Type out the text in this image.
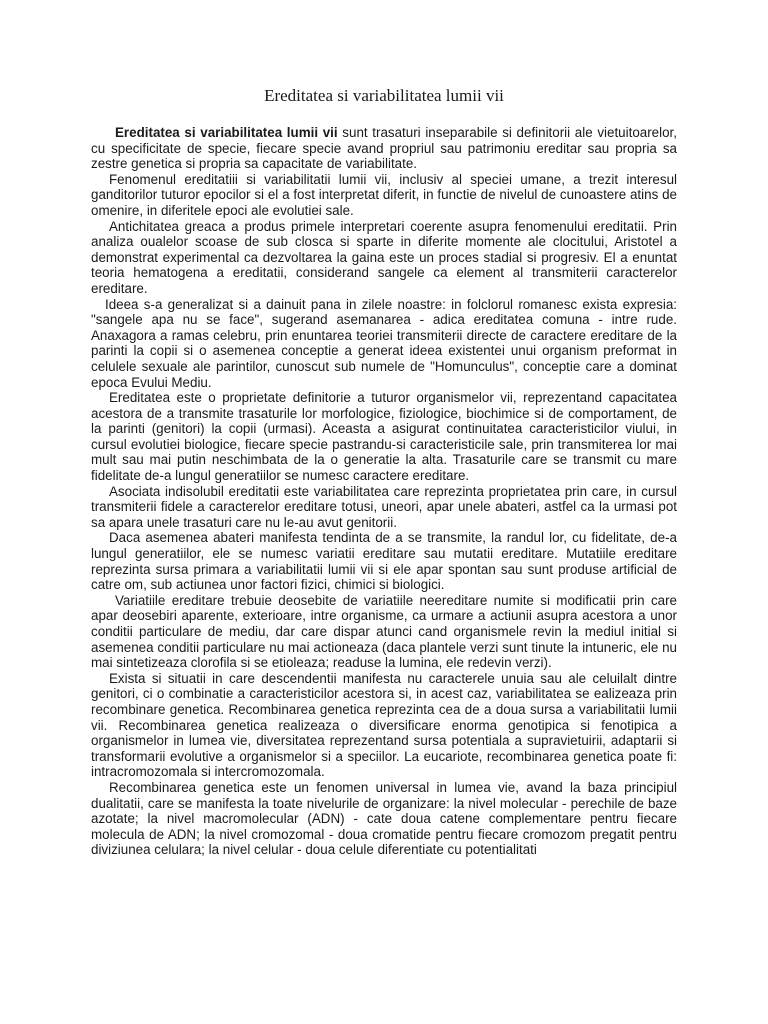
Ereditatea si variabilitatea lumii vii

Ereditatea si variabilitatea lumii vii sunt trasaturi inseparabile si definitorii ale vietuitoarelor, cu specificitate de specie, fiecare specie avand propriul sau patrimoniu ereditar sau propria sa zestre genetica si propria sa capacitate de variabilitate.

Fenomenul ereditatiii si variabilitatii lumii vii, inclusiv al speciei umane, a trezit interesul ganditorilor tuturor epocilor si el a fost interpretat diferit, in functie de nivelul de cunoastere atins de omenire, in diferitele epoci ale evolutiei sale.

Antichitatea greaca a produs primele interpretari coerente asupra fenomenului ereditatii. Prin analiza oualelor scoase de sub closca si sparte in diferite momente ale clocitului, Aristotel a demonstrat experimental ca dezvoltarea la gaina este un proces stadial si progresiv. El a enuntat teoria hematogena a ereditatii, considerand sangele ca element al transmiterii caracterelor ereditare.

Ideea s-a generalizat si a dainuit pana in zilele noastre: in folclorul romanesc exista expresia: "sangele apa nu se face", sugerand asemanarea - adica ereditatea comuna - intre rude. Anaxagora a ramas celebru, prin enuntarea teoriei transmiterii directe de caractere ereditare de la parinti la copii si o asemenea conceptie a generat ideea existentei unui organism preformat in celulele sexuale ale parintilor, cunoscut sub numele de "Homunculus", conceptie care a dominat epoca Evului Mediu.

Ereditatea este o proprietate definitorie a tuturor organismelor vii, reprezentand capacitatea acestora de a transmite trasaturile lor morfologice, fiziologice, biochimice si de comportament, de la parinti (genitori) la copii (urmasi). Aceasta a asigurat continuitatea caracteristicilor viului, in cursul evolutiei biologice, fiecare specie pastrandu-si caracteristicile sale, prin transmiterea lor mai mult sau mai putin neschimbata de la o generatie la alta. Trasaturile care se transmit cu mare fidelitate de-a lungul generatiilor se numesc caractere ereditare.

Asociata indisolubil ereditatii este variabilitatea care reprezinta proprietatea prin care, in cursul transmiterii fidele a caracterelor ereditare totusi, uneori, apar unele abateri, astfel ca la urmasi pot sa apara unele trasaturi care nu le-au avut genitorii.

Daca asemenea abateri manifesta tendinta de a se transmite, la randul lor, cu fidelitate, de-a lungul generatiilor, ele se numesc variatii ereditare sau mutatii ereditare. Mutatiile ereditare reprezinta sursa primara a variabilitatii lumii vii si ele apar spontan sau sunt produse artificial de catre om, sub actiunea unor factori fizici, chimici si biologici.

Variatiile ereditare trebuie deosebite de variatiile neereditare numite si modificatii prin care apar deosebiri aparente, exterioare, intre organisme, ca urmare a actiunii asupra acestora a unor conditii particulare de mediu, dar care dispar atunci cand organismele revin la mediul initial si asemenea conditii particulare nu mai actioneaza (daca plantele verzi sunt tinute la intuneric, ele nu mai sintetizeaza clorofila si se etioleaza; readuse la lumina, ele redevin verzi).

Exista si situatii in care descendentii manifesta nu caracterele unuia sau ale celuilalt dintre genitori, ci o combinatie a caracteristicilor acestora si, in acest caz, variabilitatea se ealizeaza prin recombinare genetica. Recombinarea genetica reprezinta cea de a doua sursa a variabilitatii lumii vii. Recombinarea genetica realizeaza o diversificare enorma genotipica si fenotipica a organismelor in lumea vie, diversitatea reprezentand sursa potentiala a supravietuirii, adaptarii si transformarii evolutive a organismelor si a speciilor. La eucariote, recombinarea genetica poate fi: intracromozomala si intercromozomala.

Recombinarea genetica este un fenomen universal in lumea vie, avand la baza principiul dualitatii, care se manifesta la toate nivelurile de organizare: la nivel molecular - perechile de baze azotate; la nivel macromolecular (ADN) - cate doua catene complementare pentru fiecare molecula de ADN; la nivel cromozomal - doua cromatide pentru fiecare cromozom pregatit pentru diviziunea celulara; la nivel celular - doua celule diferentiate cu potentialitati
